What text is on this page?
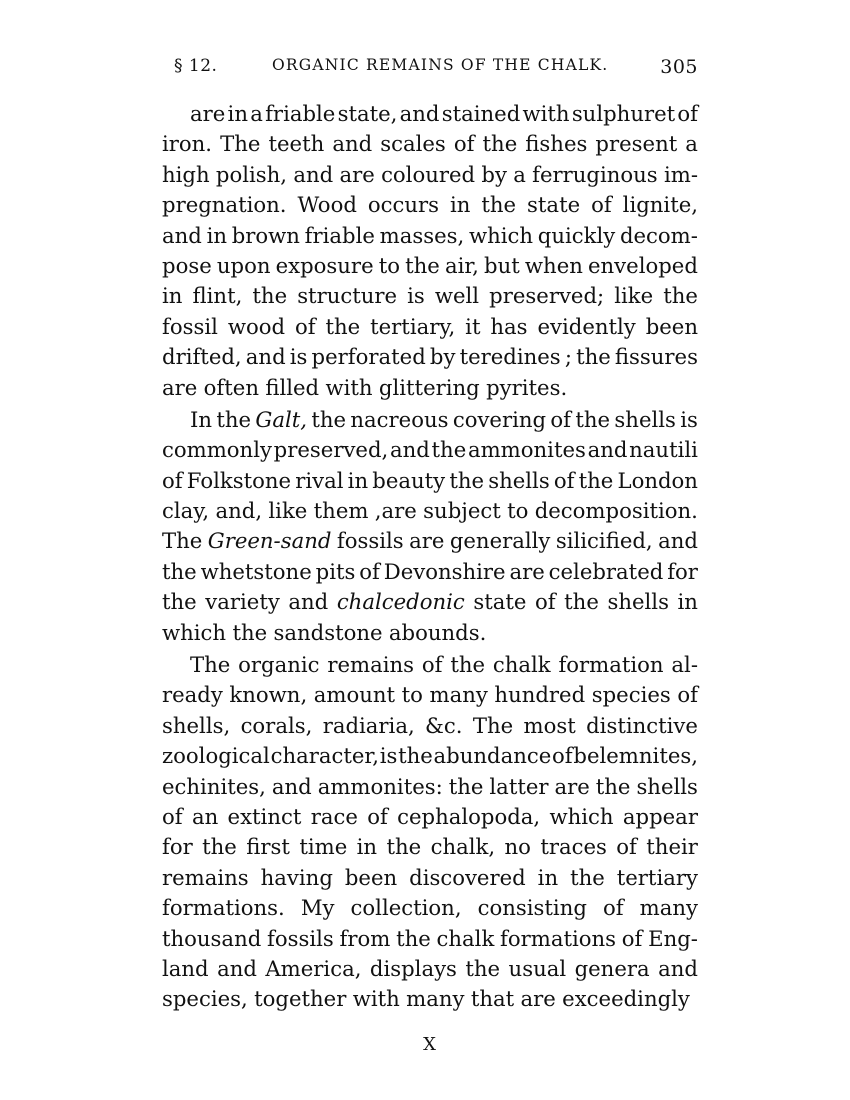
§ 12.	ORGANIC REMAINS OF THE CHALK.	305
are in a friable state, and stained with sulphuret of
iron. The teeth and scales of the fishes present a
high polish, and are coloured by a ferruginous im-
pregnation. Wood occurs in the state of lignite,
and in brown friable masses, which quickly decom-
pose upon exposure to the air, but when enveloped
in flint, the structure is well preserved; like the
fossil wood of the tertiary, it has evidently been
drifted, and is perforated by teredines ; the fissures
are often filled with glittering pyrites.
In the Galt, the nacreous covering of the shells is
commonly preserved, and the ammonites and nautili
of Folkstone rival in beauty the shells of the London
clay, and, like them ,are subject to decomposition.
The Green-sand fossils are generally silicified, and
the whetstone pits of Devonshire are celebrated for
the variety and chalcedonic state of the shells in
which the sandstone abounds.
The organic remains of the chalk formation al-
ready known, amount to many hundred species of
shells, corals, radiaria, &c. The most distinctive
zoological character, is the abundance of belemnites,
echinites, and ammonites: the latter are the shells
of an extinct race of cephalopoda, which appear
for the first time in the chalk, no traces of their
remains having been discovered in the tertiary
formations. My collection, consisting of many
thousand fossils from the chalk formations of Eng-
land and America, displays the usual genera and
species, together with many that are exceedingly
X
